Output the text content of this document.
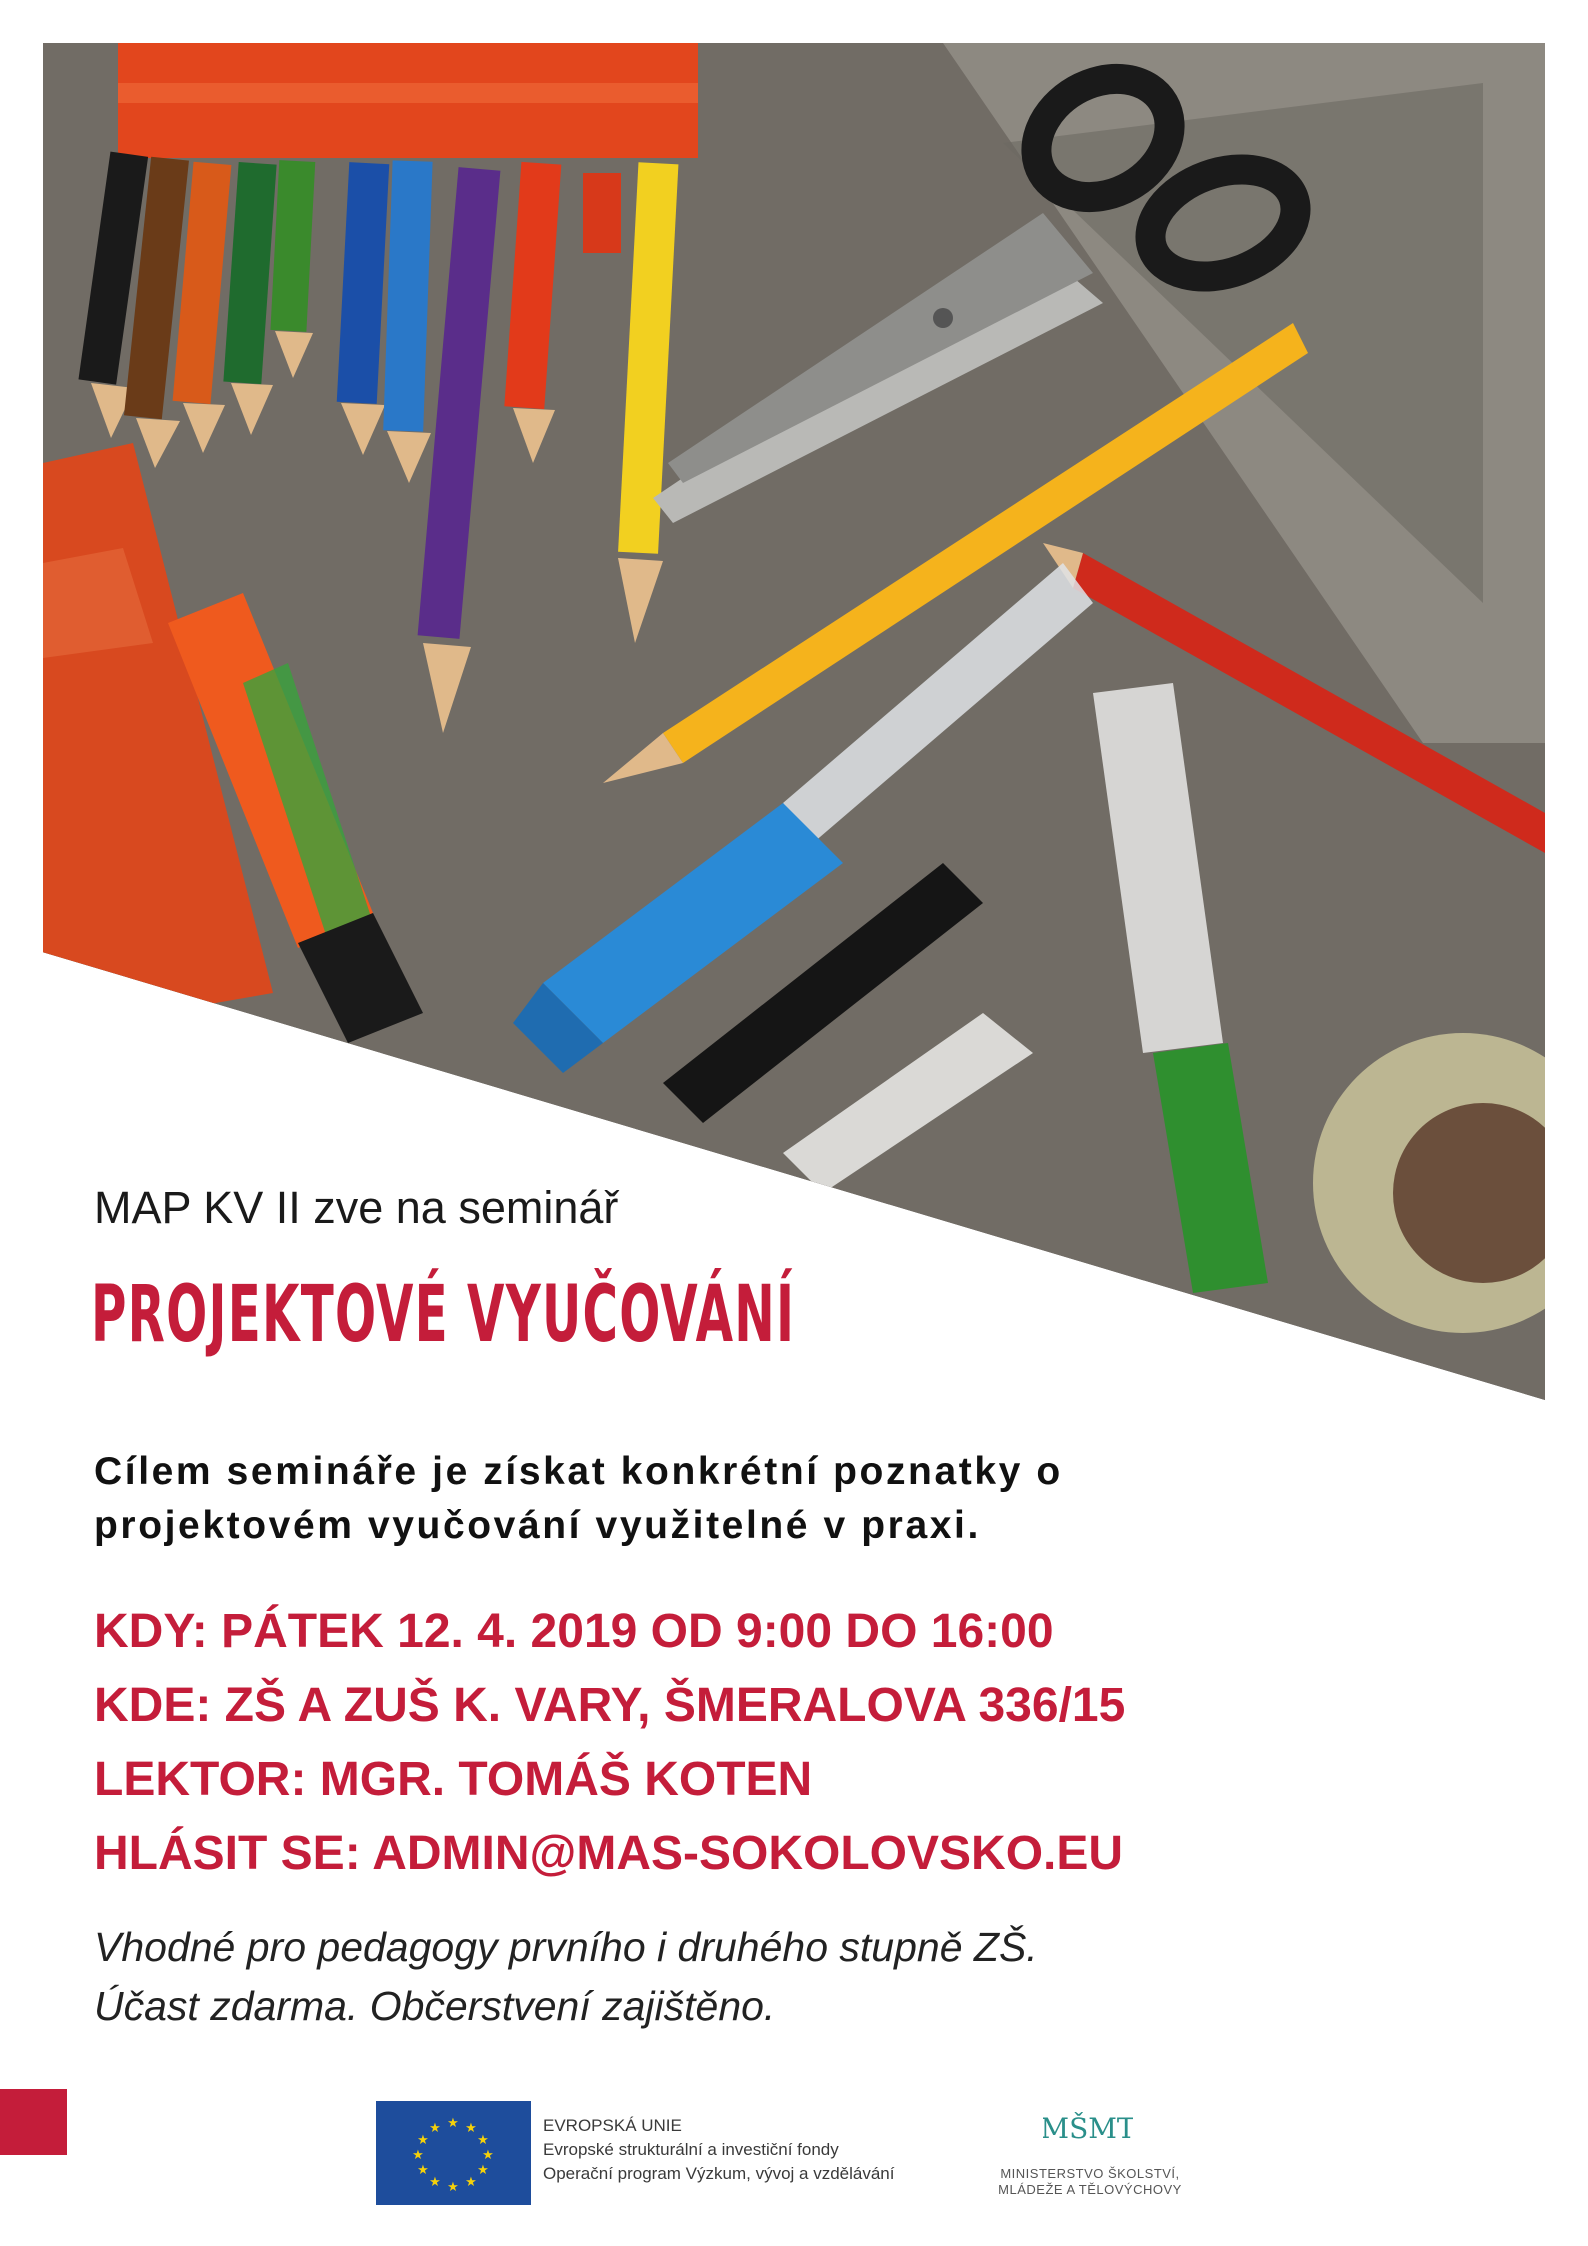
MAP KV II zve na seminář
PROJEKTOVÉ VYUČOVÁNÍ
Cílem semináře je získat konkrétní poznatky o
projektovém vyučování využitelné v praxi.
KDY: PÁTEK 12. 4. 2019 OD 9:00 DO 16:00
KDE: ZŠ A ZUŠ K. VARY, ŠMERALOVA 336/15
LEKTOR: MGR. TOMÁŠ KOTEN
HLÁSIT SE: ADMIN@MAS-SOKOLOVSKO.EU
Vhodné pro pedagogy prvního i druhého stupně ZŠ.
Účast zdarma. Občerstvení zajištěno.
★ ★
★
★
★
★
★
★
★
★
★
★	EVROPSKÁ UNIE
Evropské strukturální a investiční fondy
Operační program Výzkum, vývoj a vzdělávání
MŠMT
MINISTERSTVO ŠKOLSTVÍ,
MLÁDEŽE A TĚLOVÝCHOVY
